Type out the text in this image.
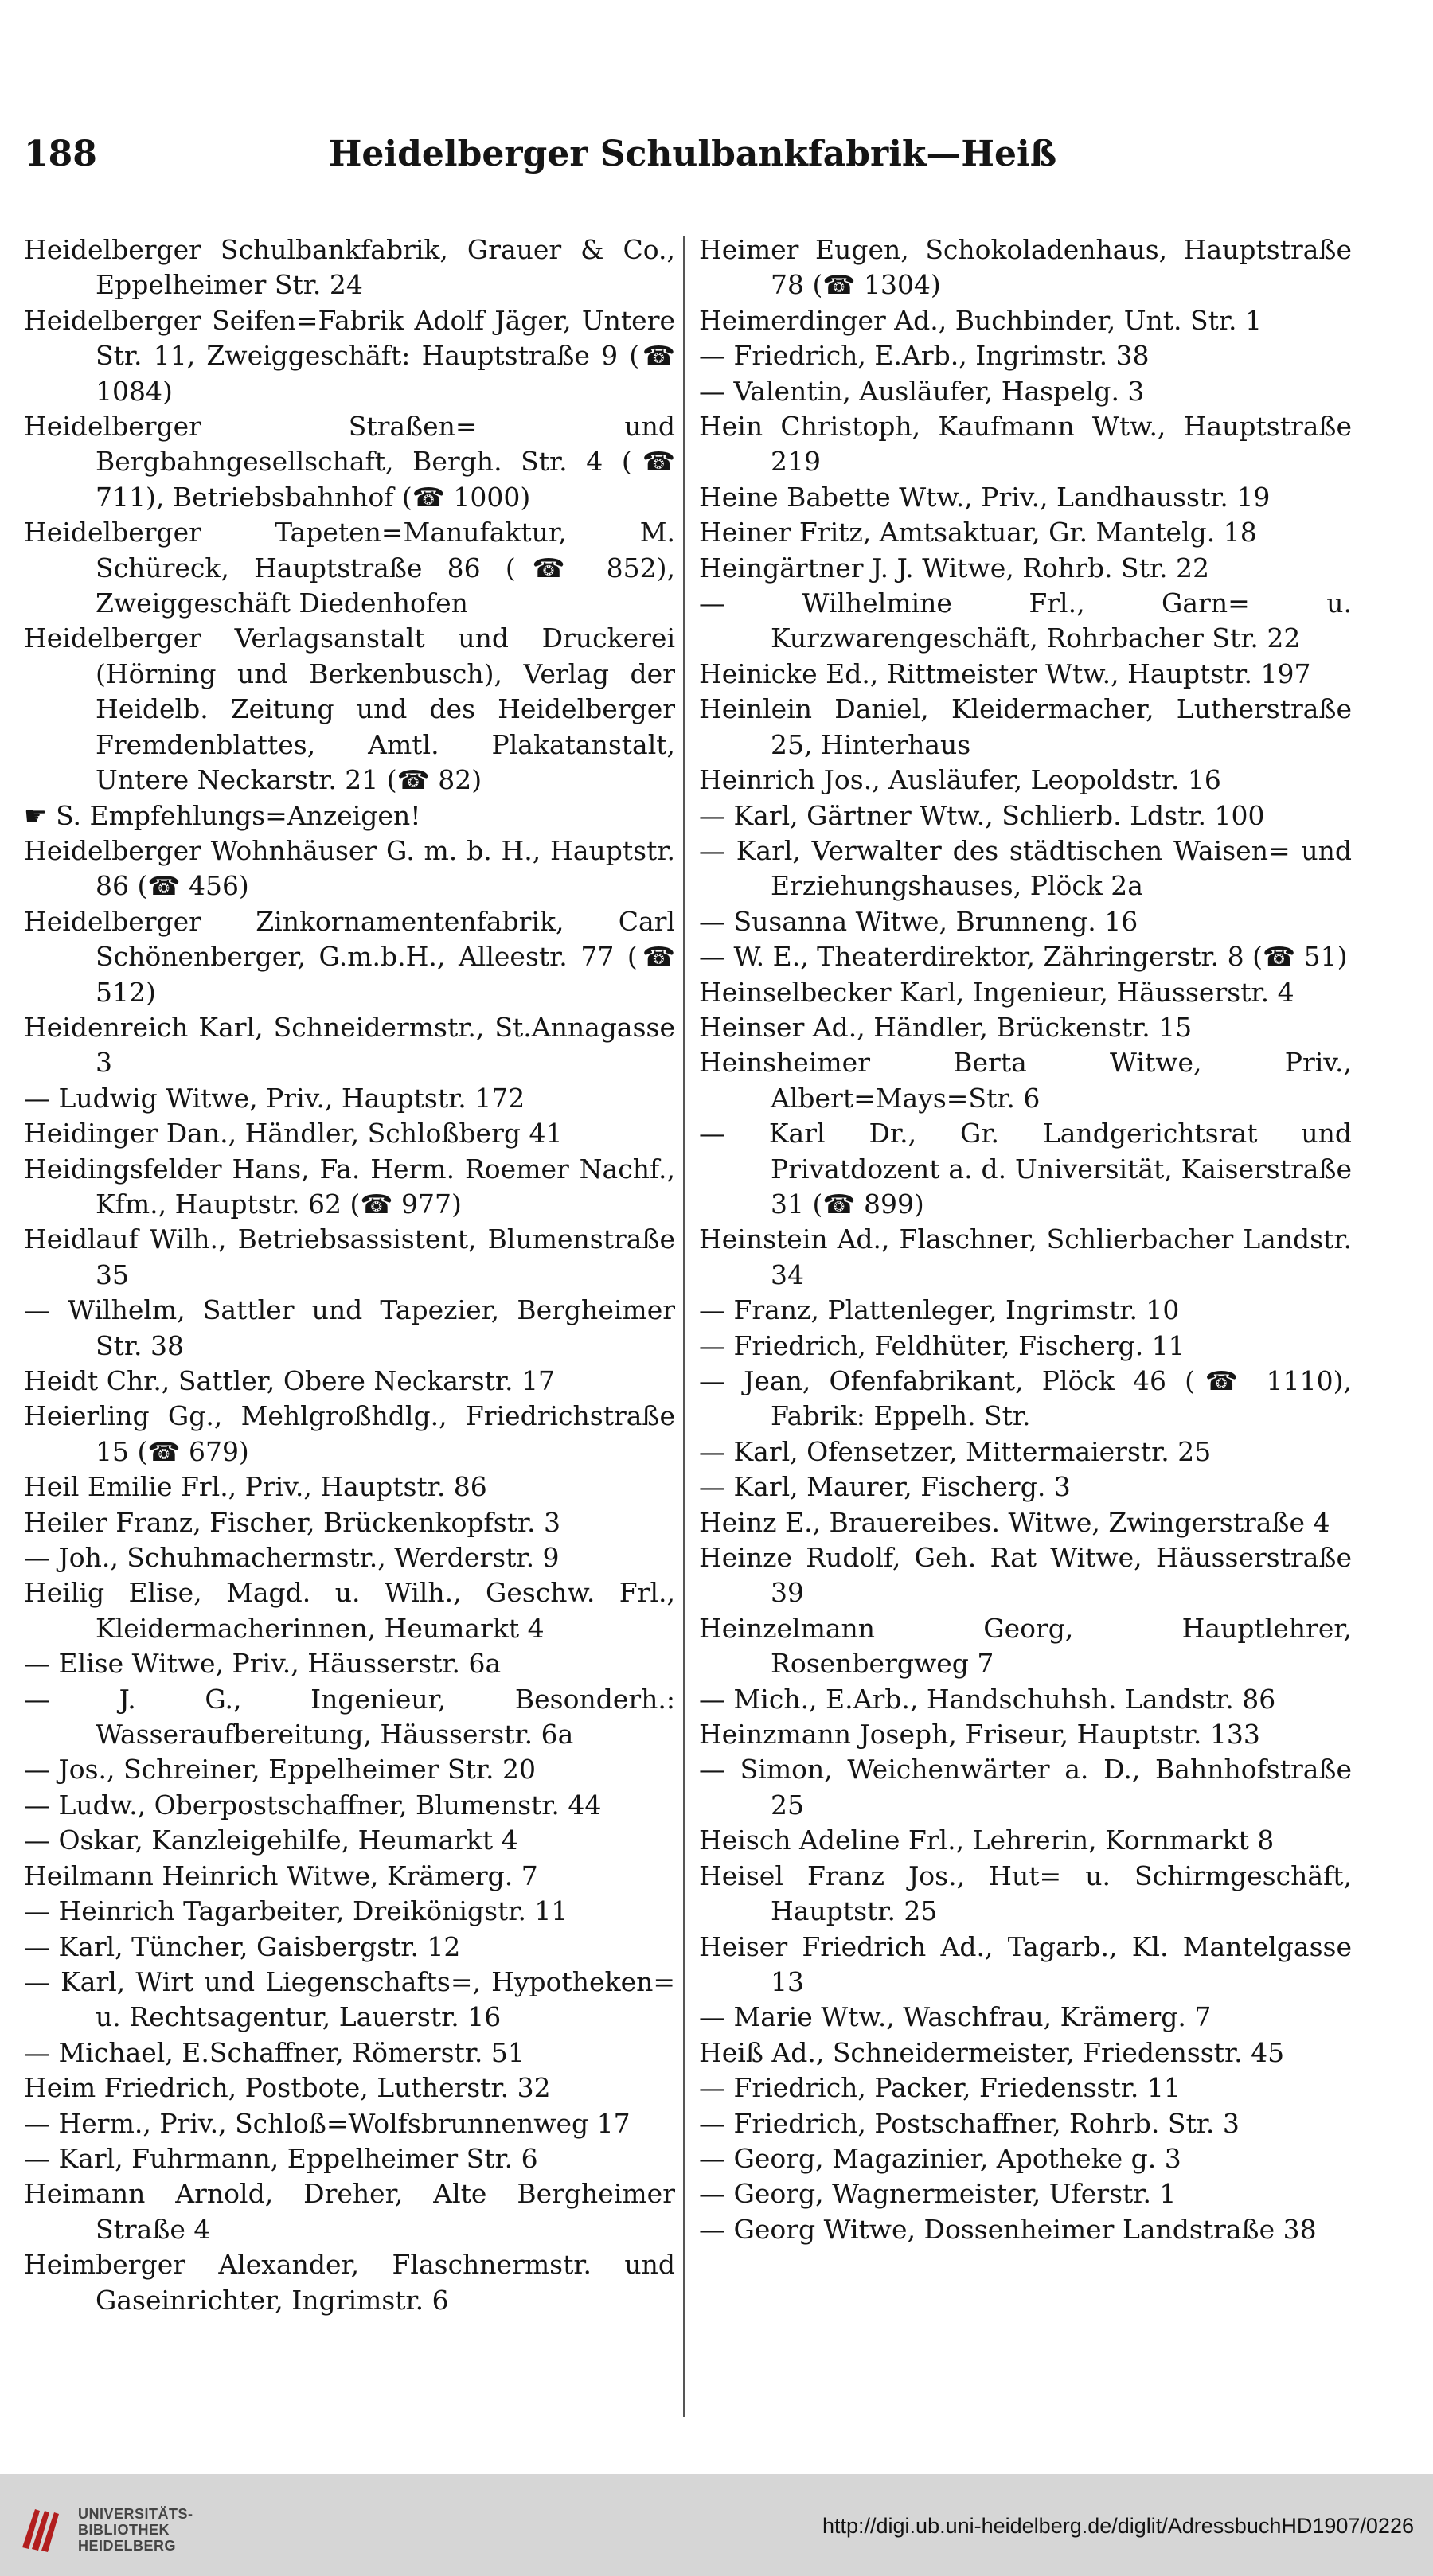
188	Heidelberger Schulbankfabrik—Heiß
Heidelberger Schulbankfabrik, Grauer & Co., Eppelheimer Str. 24
Heidelberger Seifen=Fabrik Adolf Jäger, Untere Str. 11, Zweiggeschäft: Hauptstraße 9 (☎ 1084)
Heidelberger Straßen= und Bergbahngesellschaft, Bergh. Str. 4 (☎ 711), Betriebsbahnhof (☎ 1000)
Heidelberger Tapeten=Manufaktur, M. Schüreck, Hauptstraße 86 (☎ 852), Zweiggeschäft Diedenhofen
Heidelberger Verlagsanstalt und Druckerei (Hörning und Berkenbusch), Verlag der Heidelb. Zeitung und des Heidelberger Fremdenblattes, Amtl. Plakatanstalt, Untere Neckarstr. 21 (☎ 82)
☛ S. Empfehlungs=Anzeigen!
Heidelberger Wohnhäuser G. m. b. H., Hauptstr. 86 (☎ 456)
Heidelberger Zinkornamentenfabrik, Carl Schönenberger, G.m.b.H., Alleestr. 77 (☎ 512)
Heidenreich Karl, Schneidermstr., St.Annagasse 3
— Ludwig Witwe, Priv., Hauptstr. 172
Heidinger Dan., Händler, Schloßberg 41
Heidingsfelder Hans, Fa. Herm. Roemer Nachf., Kfm., Hauptstr. 62 (☎ 977)
Heidlauf Wilh., Betriebsassistent, Blumenstraße 35
— Wilhelm, Sattler und Tapezier, Bergheimer Str. 38
Heidt Chr., Sattler, Obere Neckarstr. 17
Heierling Gg., Mehlgroßhdlg., Friedrichstraße 15 (☎ 679)
Heil Emilie Frl., Priv., Hauptstr. 86
Heiler Franz, Fischer, Brückenkopfstr. 3
— Joh., Schuhmachermstr., Werderstr. 9
Heilig Elise, Magd. u. Wilh., Geschw. Frl., Kleidermacherinnen, Heumarkt 4
— Elise Witwe, Priv., Häusserstr. 6a
— J. G., Ingenieur, Besonderh.: Wasseraufbereitung, Häusserstr. 6a
— Jos., Schreiner, Eppelheimer Str. 20
— Ludw., Oberpostschaffner, Blumenstr. 44
— Oskar, Kanzleigehilfe, Heumarkt 4
Heilmann Heinrich Witwe, Krämerg. 7
— Heinrich Tagarbeiter, Dreikönigstr. 11
— Karl, Tüncher, Gaisbergstr. 12
— Karl, Wirt und Liegenschafts=, Hypotheken= u. Rechtsagentur, Lauerstr. 16
— Michael, E.Schaffner, Römerstr. 51
Heim Friedrich, Postbote, Lutherstr. 32
— Herm., Priv., Schloß=Wolfsbrunnenweg 17
— Karl, Fuhrmann, Eppelheimer Str. 6
Heimann Arnold, Dreher, Alte Bergheimer Straße 4
Heimberger Alexander, Flaschnermstr. und Gaseinrichter, Ingrimstr. 6
Heimer Eugen, Schokoladenhaus, Hauptstraße 78 (☎ 1304)
Heimerdinger Ad., Buchbinder, Unt. Str. 1
— Friedrich, E.Arb., Ingrimstr. 38
— Valentin, Ausläufer, Haspelg. 3
Hein Christoph, Kaufmann Wtw., Hauptstraße 219
Heine Babette Wtw., Priv., Landhausstr. 19
Heiner Fritz, Amtsaktuar, Gr. Mantelg. 18
Heingärtner J. J. Witwe, Rohrb. Str. 22
— Wilhelmine Frl., Garn= u. Kurzwarengeschäft, Rohrbacher Str. 22
Heinicke Ed., Rittmeister Wtw., Hauptstr. 197
Heinlein Daniel, Kleidermacher, Lutherstraße 25, Hinterhaus
Heinrich Jos., Ausläufer, Leopoldstr. 16
— Karl, Gärtner Wtw., Schlierb. Ldstr. 100
— Karl, Verwalter des städtischen Waisen= und Erziehungshauses, Plöck 2a
— Susanna Witwe, Brunneng. 16
— W. E., Theaterdirektor, Zähringerstr. 8 (☎ 51)
Heinselbecker Karl, Ingenieur, Häusserstr. 4
Heinser Ad., Händler, Brückenstr. 15
Heinsheimer Berta Witwe, Priv., Albert=Mays=Str. 6
— Karl Dr., Gr. Landgerichtsrat und Privatdozent a. d. Universität, Kaiserstraße 31 (☎ 899)
Heinstein Ad., Flaschner, Schlierbacher Landstr. 34
— Franz, Plattenleger, Ingrimstr. 10
— Friedrich, Feldhüter, Fischerg. 11
— Jean, Ofenfabrikant, Plöck 46 (☎ 1110), Fabrik: Eppelh. Str.
— Karl, Ofensetzer, Mittermaierstr. 25
— Karl, Maurer, Fischerg. 3
Heinz E., Brauereibes. Witwe, Zwingerstraße 4
Heinze Rudolf, Geh. Rat Witwe, Häusserstraße 39
Heinzelmann Georg, Hauptlehrer, Rosenbergweg 7
— Mich., E.Arb., Handschuhsh. Landstr. 86
Heinzmann Joseph, Friseur, Hauptstr. 133
— Simon, Weichenwärter a. D., Bahnhofstraße 25
Heisch Adeline Frl., Lehrerin, Kornmarkt 8
Heisel Franz Jos., Hut= u. Schirmgeschäft, Hauptstr. 25
Heiser Friedrich Ad., Tagarb., Kl. Mantelgasse 13
— Marie Wtw., Waschfrau, Krämerg. 7
Heiß Ad., Schneidermeister, Friedensstr. 45
— Friedrich, Packer, Friedensstr. 11
— Friedrich, Postschaffner, Rohrb. Str. 3
— Georg, Magazinier, Apotheke g. 3
— Georg, Wagnermeister, Uferstr. 1
— Georg Witwe, Dossenheimer Landstraße 38
UNIVERSITÄTS-
BIBLIOTHEK
HEIDELBERG
http://digi.ub.uni-heidelberg.de/diglit/AdressbuchHD1907/0226
